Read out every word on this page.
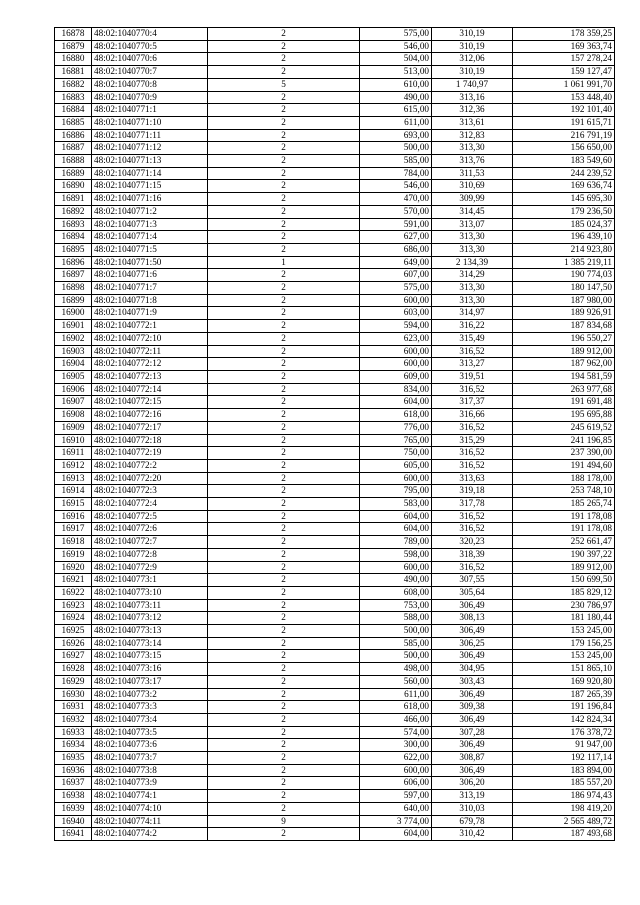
16878	48:02:1040770:4	2	575,00	310,19	178 359,25
16879	48:02:1040770:5	2	546,00	310,19	169 363,74
16880	48:02:1040770:6	2	504,00	312,06	157 278,24
16881	48:02:1040770:7	2	513,00	310,19	159 127,47
16882	48:02:1040770:8	5	610,00	1 740,97	1 061 991,70
16883	48:02:1040770:9	2	490,00	313,16	153 448,40
16884	48:02:1040771:1	2	615,00	312,36	192 101,40
16885	48:02:1040771:10	2	611,00	313,61	191 615,71
16886	48:02:1040771:11	2	693,00	312,83	216 791,19
16887	48:02:1040771:12	2	500,00	313,30	156 650,00
16888	48:02:1040771:13	2	585,00	313,76	183 549,60
16889	48:02:1040771:14	2	784,00	311,53	244 239,52
16890	48:02:1040771:15	2	546,00	310,69	169 636,74
16891	48:02:1040771:16	2	470,00	309,99	145 695,30
16892	48:02:1040771:2	2	570,00	314,45	179 236,50
16893	48:02:1040771:3	2	591,00	313,07	185 024,37
16894	48:02:1040771:4	2	627,00	313,30	196 439,10
16895	48:02:1040771:5	2	686,00	313,30	214 923,80
16896	48:02:1040771:50	1	649,00	2 134,39	1 385 219,11
16897	48:02:1040771:6	2	607,00	314,29	190 774,03
16898	48:02:1040771:7	2	575,00	313,30	180 147,50
16899	48:02:1040771:8	2	600,00	313,30	187 980,00
16900	48:02:1040771:9	2	603,00	314,97	189 926,91
16901	48:02:1040772:1	2	594,00	316,22	187 834,68
16902	48:02:1040772:10	2	623,00	315,49	196 550,27
16903	48:02:1040772:11	2	600,00	316,52	189 912,00
16904	48:02:1040772:12	2	600,00	313,27	187 962,00
16905	48:02:1040772:13	2	609,00	319,51	194 581,59
16906	48:02:1040772:14	2	834,00	316,52	263 977,68
16907	48:02:1040772:15	2	604,00	317,37	191 691,48
16908	48:02:1040772:16	2	618,00	316,66	195 695,88
16909	48:02:1040772:17	2	776,00	316,52	245 619,52
16910	48:02:1040772:18	2	765,00	315,29	241 196,85
16911	48:02:1040772:19	2	750,00	316,52	237 390,00
16912	48:02:1040772:2	2	605,00	316,52	191 494,60
16913	48:02:1040772:20	2	600,00	313,63	188 178,00
16914	48:02:1040772:3	2	795,00	319,18	253 748,10
16915	48:02:1040772:4	2	583,00	317,78	185 265,74
16916	48:02:1040772:5	2	604,00	316,52	191 178,08
16917	48:02:1040772:6	2	604,00	316,52	191 178,08
16918	48:02:1040772:7	2	789,00	320,23	252 661,47
16919	48:02:1040772:8	2	598,00	318,39	190 397,22
16920	48:02:1040772:9	2	600,00	316,52	189 912,00
16921	48:02:1040773:1	2	490,00	307,55	150 699,50
16922	48:02:1040773:10	2	608,00	305,64	185 829,12
16923	48:02:1040773:11	2	753,00	306,49	230 786,97
16924	48:02:1040773:12	2	588,00	308,13	181 180,44
16925	48:02:1040773:13	2	500,00	306,49	153 245,00
16926	48:02:1040773:14	2	585,00	306,25	179 156,25
16927	48:02:1040773:15	2	500,00	306,49	153 245,00
16928	48:02:1040773:16	2	498,00	304,95	151 865,10
16929	48:02:1040773:17	2	560,00	303,43	169 920,80
16930	48:02:1040773:2	2	611,00	306,49	187 265,39
16931	48:02:1040773:3	2	618,00	309,38	191 196,84
16932	48:02:1040773:4	2	466,00	306,49	142 824,34
16933	48:02:1040773:5	2	574,00	307,28	176 378,72
16934	48:02:1040773:6	2	300,00	306,49	91 947,00
16935	48:02:1040773:7	2	622,00	308,87	192 117,14
16936	48:02:1040773:8	2	600,00	306,49	183 894,00
16937	48:02:1040773:9	2	606,00	306,20	185 557,20
16938	48:02:1040774:1	2	597,00	313,19	186 974,43
16939	48:02:1040774:10	2	640,00	310,03	198 419,20
16940	48:02:1040774:11	9	3 774,00	679,78	2 565 489,72
16941	48:02:1040774:2	2	604,00	310,42	187 493,68
